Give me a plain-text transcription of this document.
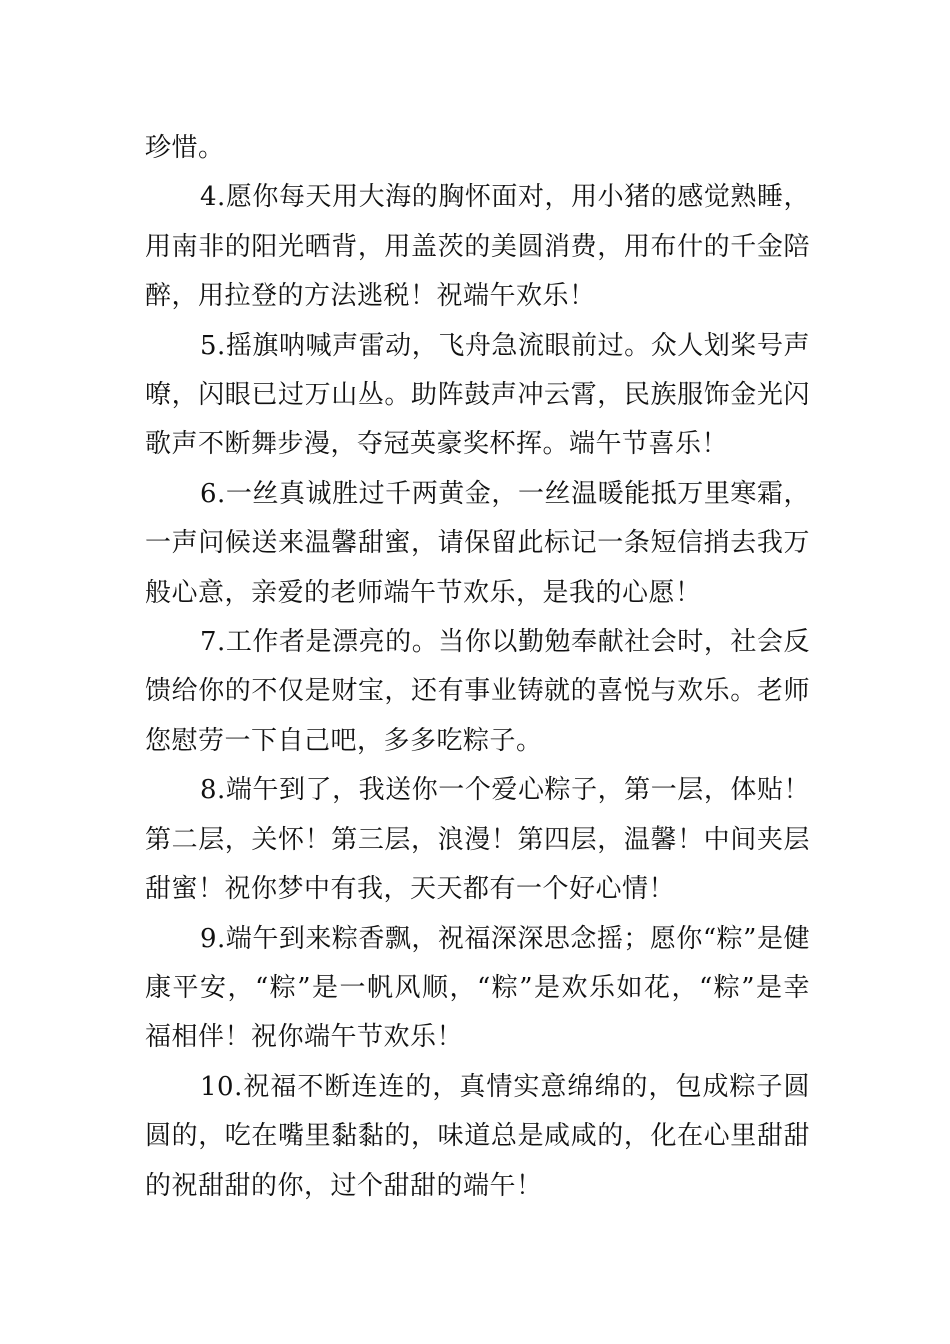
珍惜。

4.愿你每天用大海的胸怀面对，用小猪的感觉熟睡，用南非的阳光晒背，用盖茨的美圆消费，用布什的千金陪醉，用拉登的方法逃税！祝端午欢乐！

5.摇旗呐喊声雷动，飞舟急流眼前过。众人划桨号声嘹，闪眼已过万山丛。助阵鼓声冲云霄，民族服饰金光闪歌声不断舞步漫，夺冠英豪奖杯挥。端午节喜乐！

6.一丝真诚胜过千两黄金，一丝温暖能抵万里寒霜，一声问候送来温馨甜蜜，请保留此标记一条短信捎去我万般心意，亲爱的老师端午节欢乐，是我的心愿！

7.工作者是漂亮的。当你以勤勉奉献社会时，社会反馈给你的不仅是财宝，还有事业铸就的喜悦与欢乐。老师您慰劳一下自己吧，多多吃粽子。

8.端午到了，我送你一个爱心粽子，第一层，体贴！第二层，关怀！第三层，浪漫！第四层，温馨！中间夹层甜蜜！祝你梦中有我，天天都有一个好心情！

9.端午到来粽香飘，祝福深深思念摇；愿你“粽”是健康平安，“粽”是一帆风顺，“粽”是欢乐如花，“粽”是幸福相伴！祝你端午节欢乐！

10.祝福不断连连的，真情实意绵绵的，包成粽子圆圆的，吃在嘴里黏黏的，味道总是咸咸的，化在心里甜甜的祝甜甜的你，过个甜甜的端午！
